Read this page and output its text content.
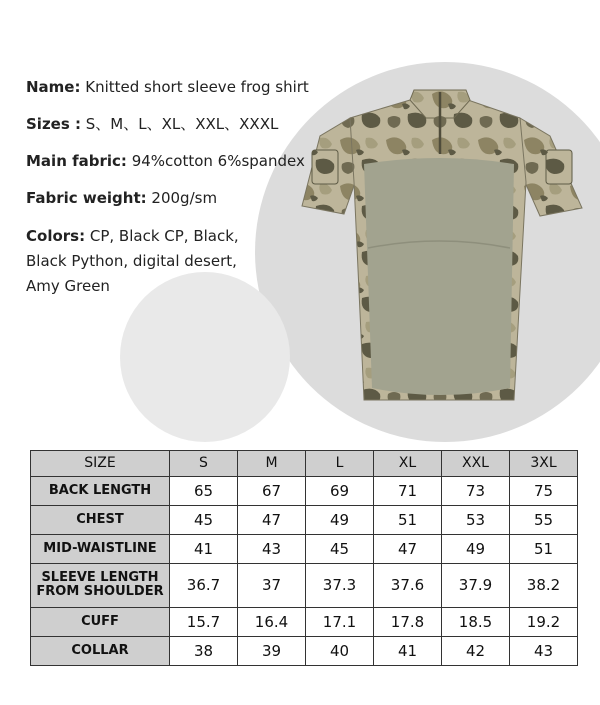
Name: Knitted short sleeve frog shirt
Sizes : S、M、L、XL、XXL、XXXL
Main fabric: 94%cotton 6%spandex
Fabric weight: 200g/sm
Colors: CP, Black CP, Black, Black Python, digital desert, Amy Green
SIZE	S	M	L	XL	XXL	3XL
BACK LENGTH	65	67	69	71	73	75
CHEST	45	47	49	51	53	55
MID-WAISTLINE	41	43	45	47	49	51
SLEEVE LENGTH FROM SHOULDER	36.7	37	37.3	37.6	37.9	38.2
CUFF	15.7	16.4	17.1	17.8	18.5	19.2
COLLAR	38	39	40	41	42	43
